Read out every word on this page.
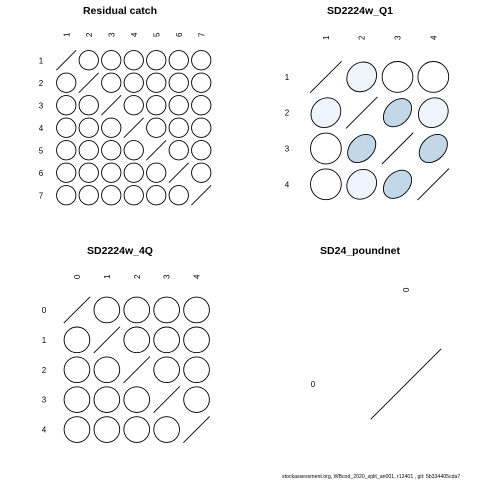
Residual catch
1 2 3 4 5 6 7
1
2
3
4
5
6
7
SD2224w_Q1
1	2	3	4
1
2
3
4
SD2224w_4Q
0	1	2	3	4
0
1
2
3
4
SD24_poundnet
0
0
stockassessment.org, WBcod_2020_split_an001, r12401 , git: 5b334405cda7
